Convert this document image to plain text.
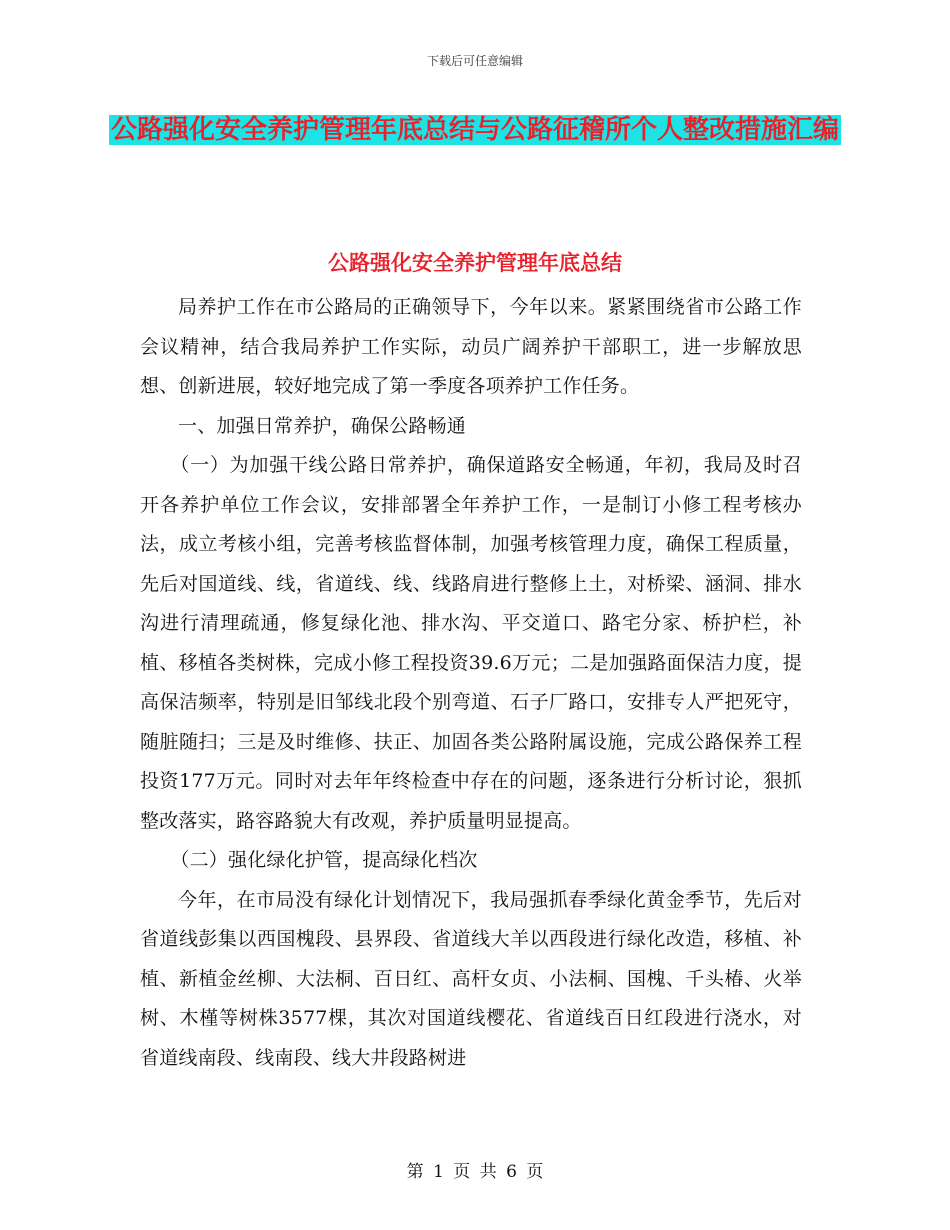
下载后可任意编辑
公路强化安全养护管理年底总结与公路征稽所个人整改措施汇编
公路强化安全养护管理年底总结

局养护工作在市公路局的正确领导下，今年以来。紧紧围绕省市公路工作会议精神，结合我局养护工作实际，动员广阔养护干部职工，进一步解放思想、创新进展，较好地完成了第一季度各项养护工作任务。

一、加强日常养护，确保公路畅通

（一）为加强干线公路日常养护，确保道路安全畅通，年初，我局及时召开各养护单位工作会议，安排部署全年养护工作，一是制订小修工程考核办法，成立考核小组，完善考核监督体制，加强考核管理力度，确保工程质量，先后对国道线、线，省道线、线、线路肩进行整修上土，对桥梁、涵洞、排水沟进行清理疏通，修复绿化池、排水沟、平交道口、路宅分家、桥护栏，补植、移植各类树株，完成小修工程投资39.6万元；二是加强路面保洁力度，提高保洁频率，特别是旧邹线北段个别弯道、石子厂路口，安排专人严把死守，随脏随扫；三是及时维修、扶正、加固各类公路附属设施，完成公路保养工程投资177万元。同时对去年年终检查中存在的问题，逐条进行分析讨论，狠抓整改落实，路容路貌大有改观，养护质量明显提高。

（二）强化绿化护管，提高绿化档次

今年，在市局没有绿化计划情况下，我局强抓春季绿化黄金季节，先后对省道线彭集以西国槐段、县界段、省道线大羊以西段进行绿化改造，移植、补植、新植金丝柳、大法桐、百日红、高杆女贞、小法桐、国槐、千头椿、火举树、木槿等树株3577棵，其次对国道线樱花、省道线百日红段进行浇水，对省道线南段、线南段、线大井段路树进

第 1 页 共 6 页
